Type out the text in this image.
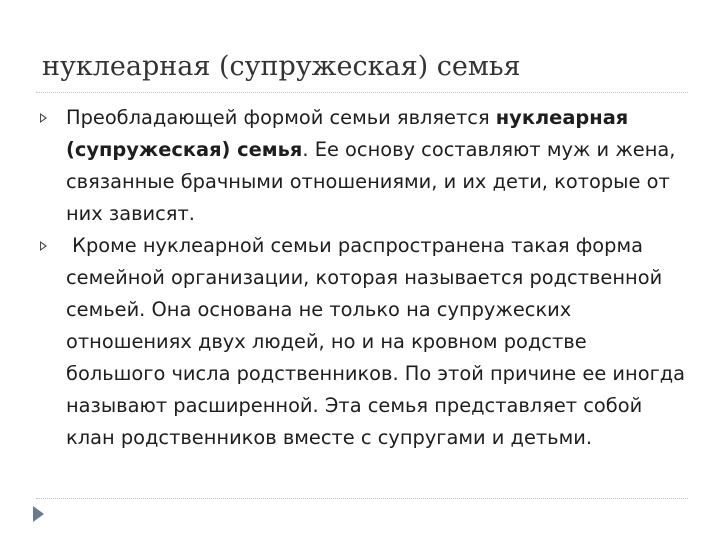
нуклеарная (супружеская) семья
Преобладающей формой семьи является нуклеарная (супружеская) семья. Ее основу составляют муж и жена, связанные брачными отношениями, и их дети, которые от них зависят.
Кроме нуклеарной семьи распространена такая форма семейной организации, которая называется родственной семьей. Она основана не только на супружеских отношениях двух людей, но и на кровном родстве большого числа родственников. По этой причине ее иногда называют расширенной. Эта семья представляет собой клан родственников вместе с супругами и детьми.
